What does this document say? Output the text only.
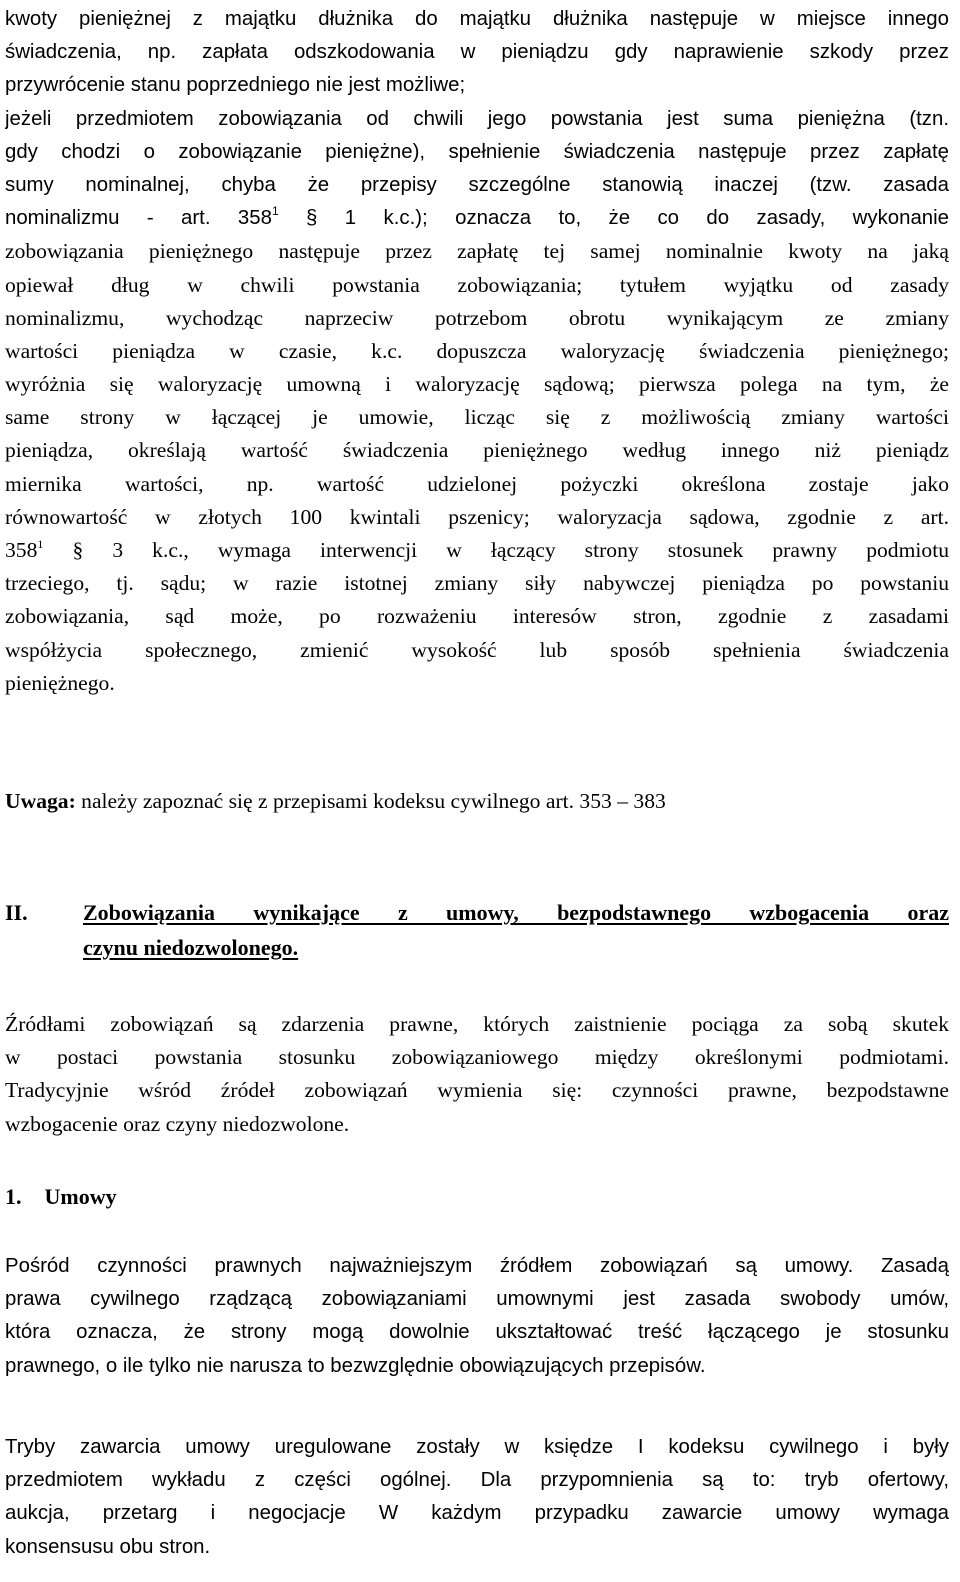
kwoty pieniężnej z majątku dłużnika do majątku dłużnika następuje w miejsce innego
świadczenia, np. zapłata odszkodowania w pieniądzu gdy naprawienie szkody przez
przywrócenie stanu poprzedniego nie jest możliwe;
jeżeli przedmiotem zobowiązania od chwili jego powstania jest suma pieniężna (tzn.
gdy chodzi o zobowiązanie pieniężne), spełnienie świadczenia następuje przez zapłatę
sumy nominalnej, chyba że przepisy szczególne stanowią inaczej (tzw. zasada
nominalizmu - art. $358^1$ § 1 k.c.); oznacza to, że co do zasady, wykonanie
zobowiązania pieniężnego następuje przez zapłatę tej samej nominalnie kwoty na jaką
opiewał dług w chwili powstania zobowiązania; tytułem wyjątku od zasady
nominalizmu, wychodząc naprzeciw potrzebom obrotu wynikającym ze zmiany
wartości pieniądza w czasie, k.c. dopuszcza waloryzację świadczenia pieniężnego;
wyróżnia się waloryzację umowną i waloryzację sądową; pierwsza polega na tym, że
same strony w łączącej je umowie, licząc się z możliwością zmiany wartości
pieniądza, określają wartość świadczenia pieniężnego według innego niż pieniądz
miernika wartości, np. wartość udzielonej pożyczki określona zostaje jako
równowartość w złotych 100 kwintali pszenicy; waloryzacja sądowa, zgodnie z art.
$358^1$ § 3 k.c., wymaga interwencji w łączący strony stosunek prawny podmiotu
trzeciego, tj. sądu; w razie istotnej zmiany siły nabywczej pieniądza po powstaniu
zobowiązania, sąd może, po rozważeniu interesów stron, zgodnie z zasadami
współżycia społecznego, zmienić wysokość lub sposób spełnienia świadczenia
pieniężnego.
Uwaga: należy zapoznać się z przepisami kodeksu cywilnego art. 353 – 383
II.	Zobowiązania wynikające z umowy, bezpodstawnego wzbogacenia oraz
czynu niedozwolonego.
Źródłami zobowiązań są zdarzenia prawne, których zaistnienie pociąga za sobą skutek
w postaci powstania stosunku zobowiązaniowego między określonymi podmiotami.
Tradycyjnie wśród źródeł zobowiązań wymienia się: czynności prawne, bezpodstawne
wzbogacenie oraz czyny niedozwolone.
1. Umowy
Pośród czynności prawnych najważniejszym źródłem zobowiązań są umowy. Zasadą
prawa cywilnego rządzącą zobowiązaniami umownymi jest zasada swobody umów,
która oznacza, że strony mogą dowolnie ukształtować treść łączącego je stosunku
prawnego, o ile tylko nie narusza to bezwzględnie obowiązujących przepisów.
Tryby zawarcia umowy uregulowane zostały w księdze I kodeksu cywilnego i były
przedmiotem wykładu z części ogólnej. Dla przypomnienia są to: tryb ofertowy,
aukcja, przetarg i negocjacje W każdym przypadku zawarcie umowy wymaga
konsensusu obu stron.
